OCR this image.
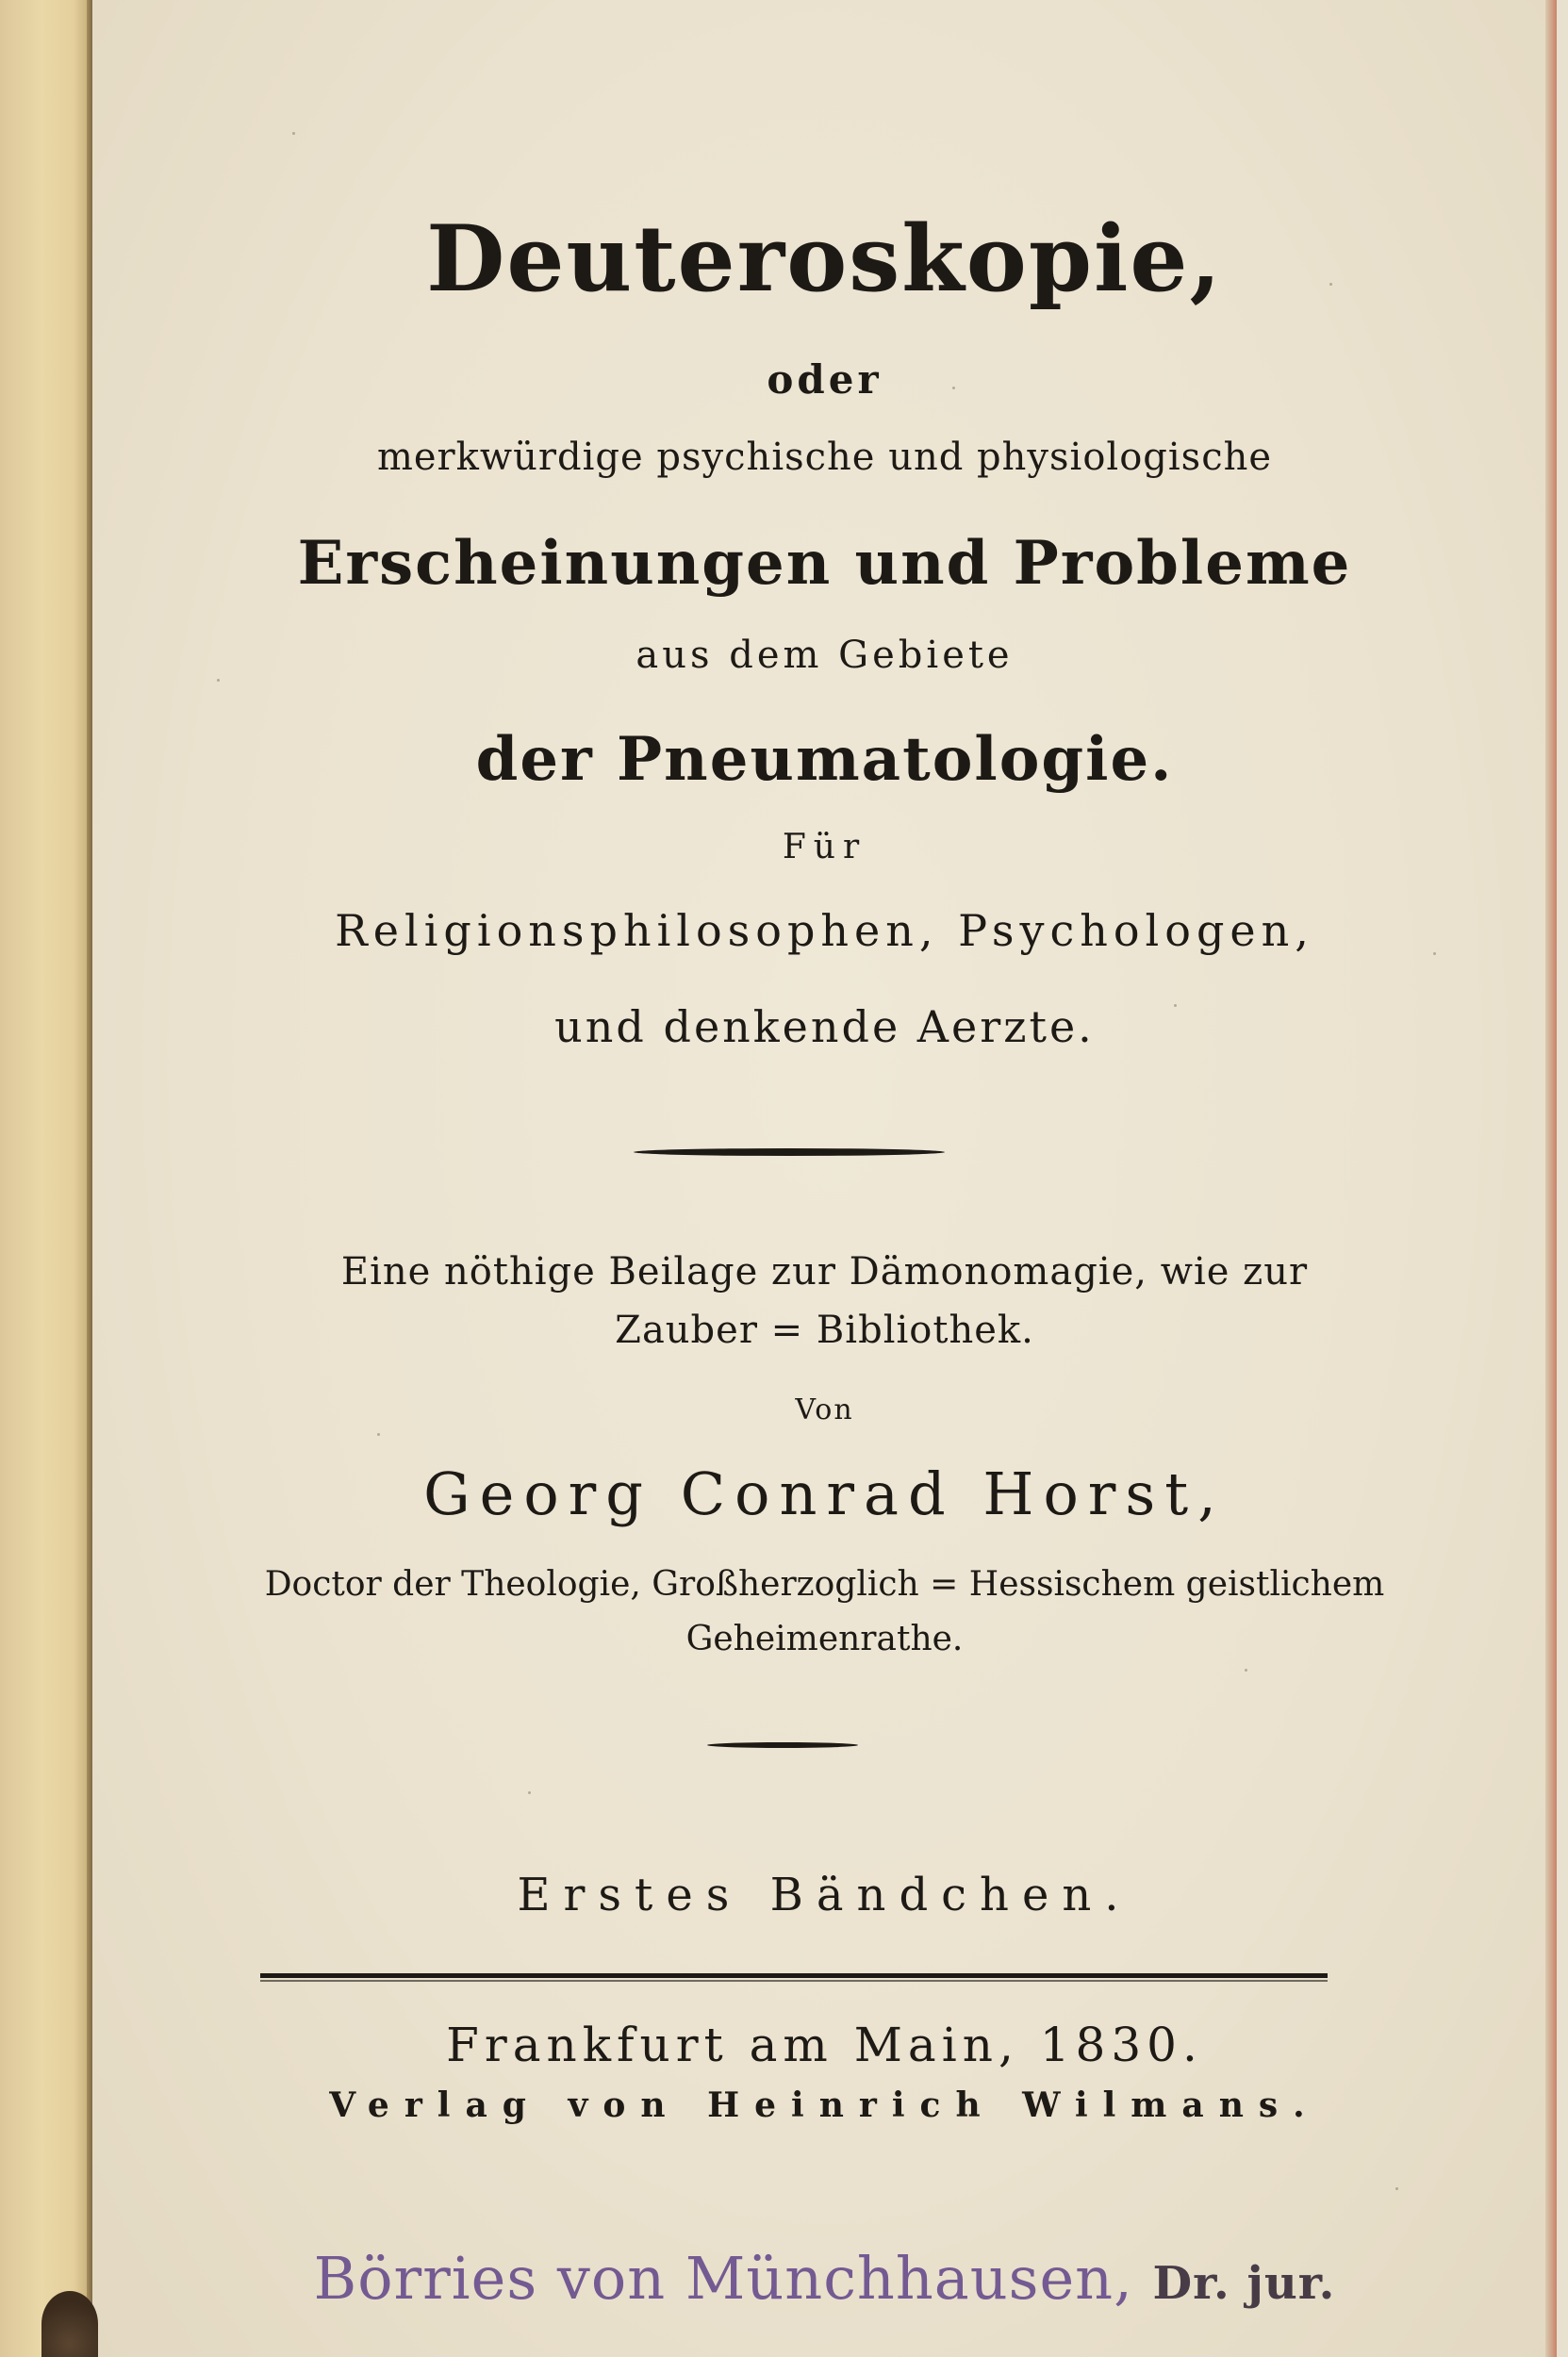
Deuteroskopie,
oder
merkwürdige psychische und physiologische
Erscheinungen und Probleme
aus dem Gebiete
der Pneumatologie.
Für
Religionsphilosophen, Psychologen,
und denkende Aerzte.
Eine nöthige Beilage zur Dämonomagie, wie zur
Zauber = Bibliothek.
Von
Georg Conrad Horst,
Doctor der Theologie, Großherzoglich = Hessischem geistlichem
Geheimenrathe.
Erstes Bändchen.
Frankfurt am Main, 1830.
Verlag von Heinrich Wilmans.
Börries von Münchhausen, Dr. jur.
